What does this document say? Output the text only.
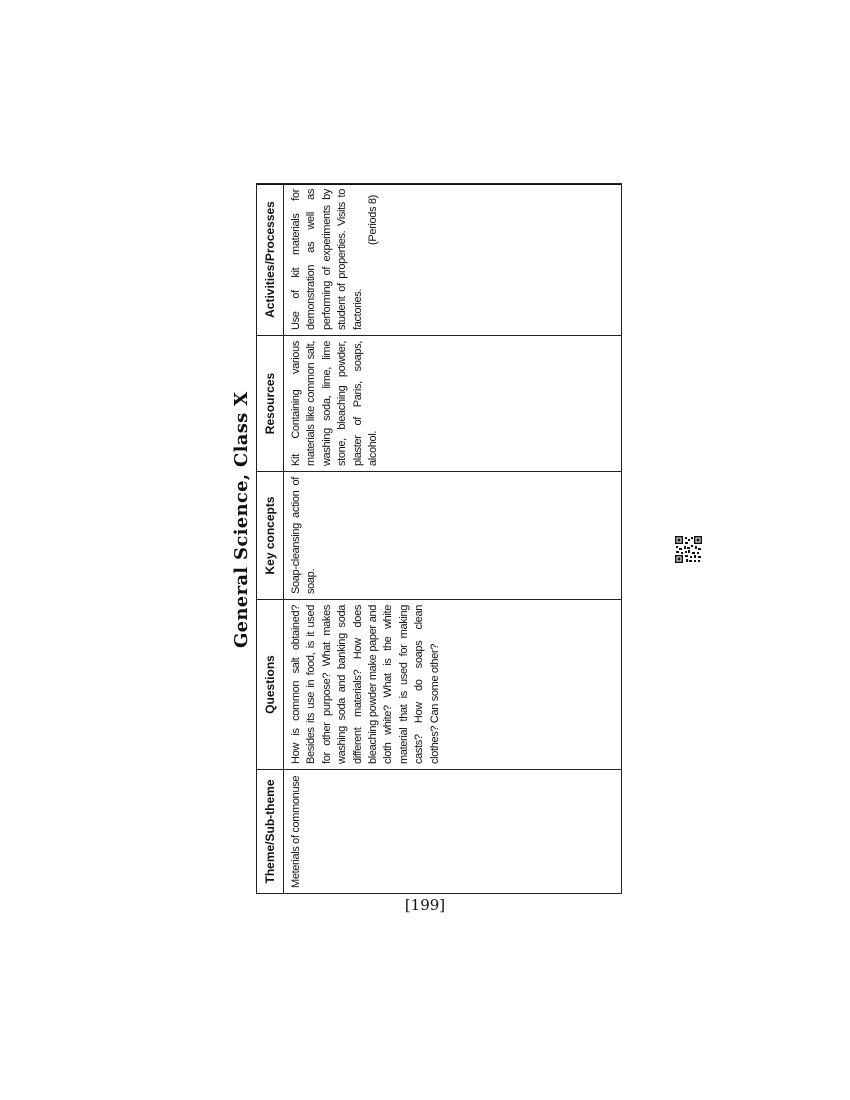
General Science, Class X
Theme/Sub-theme	Questions	Key concepts	Resources	Activities/Processes
Meterials of commonuse	How is common salt obtained? Besides its use in food, is it used for other purpose? What makes washing soda and banking soda different materials? How does bleaching powder make paper and cloth white? What is the white material that is used for making casts? How do soaps clean clothes? Can some other?	Soap-cleansing action of soap.	Kit Containing various materials like common salt, washing soda, lime, lime stone, bleaching powder, plaster of Paris, soaps, alcohol.	Use of kit materials for demonstration as well as performing of experiments by student of properties. Visits to factories.
(Periods 8)
[199]
